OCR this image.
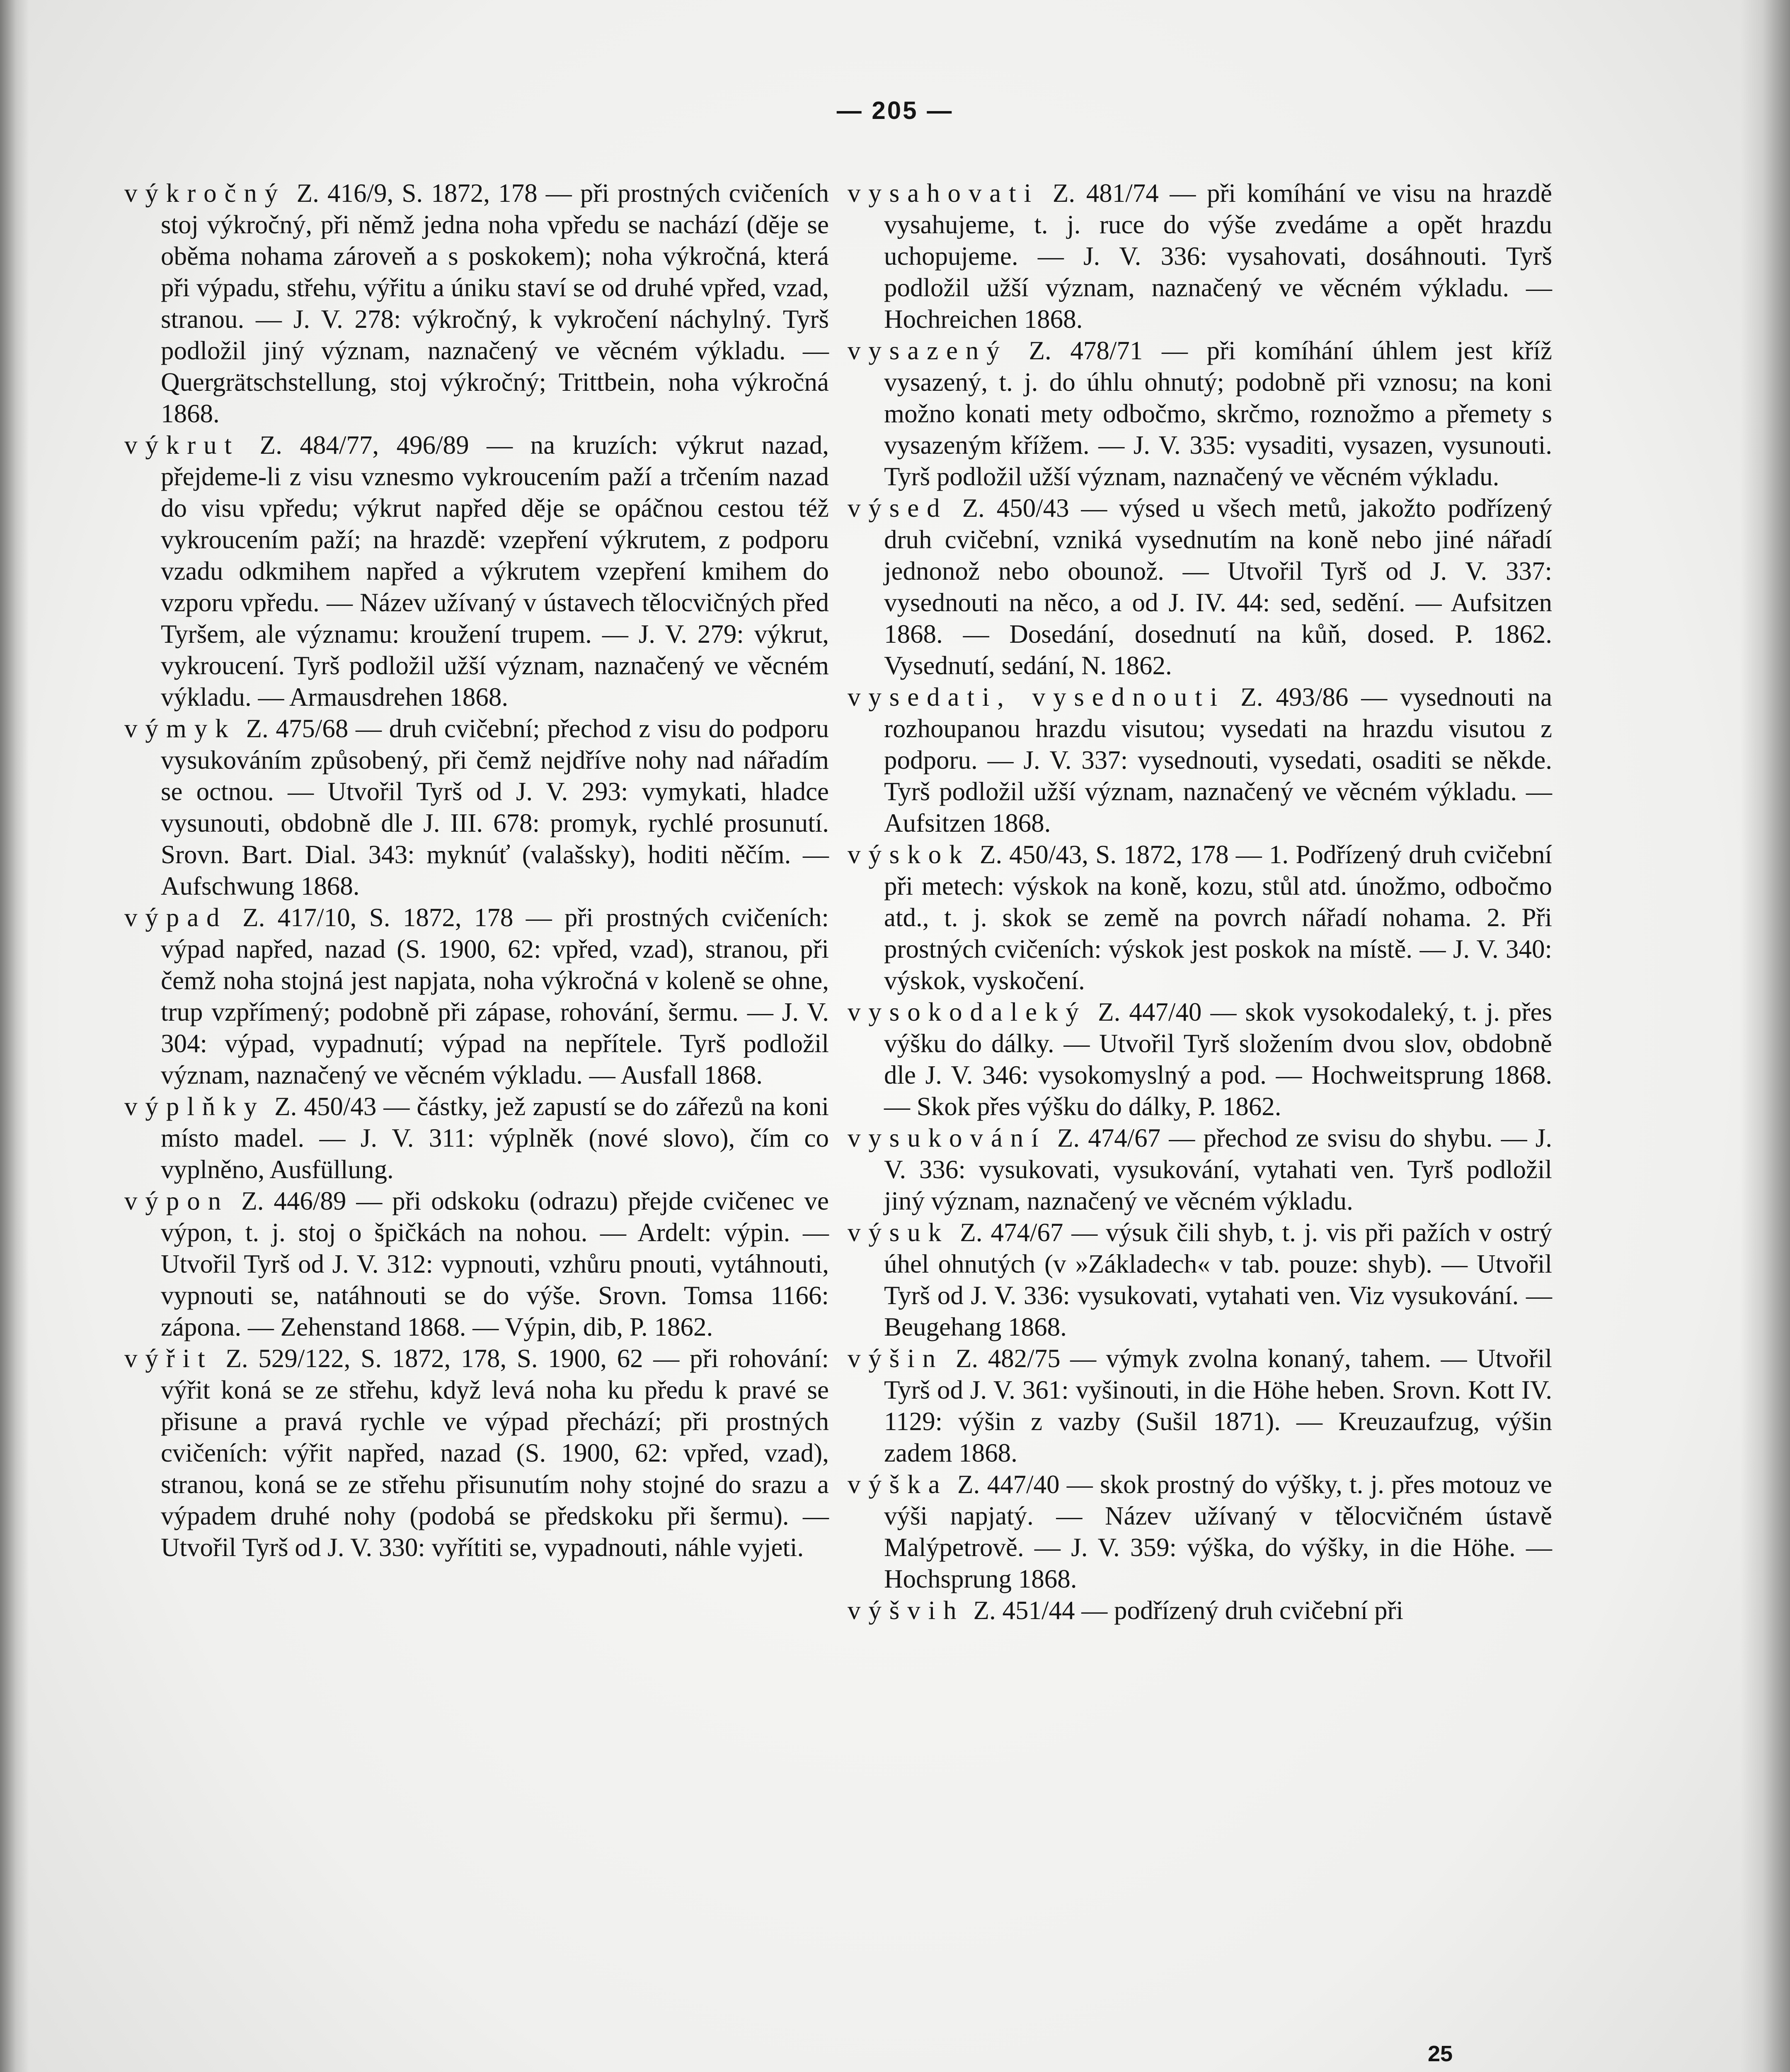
— 205 —

výkročný Z. 416/9, S. 1872, 178 — při prostných cvičeních stoj výkročný, při němž jedna noha vpředu se nachází (děje se oběma nohama zároveň a s poskokem); noha výkročná, která při výpadu, střehu, výřitu a úniku staví se od druhé vpřed, vzad, stranou. — J. V. 278: výkročný, k vykročení náchylný. Tyrš podložil jiný význam, naznačený ve věcném výkladu. — Quergrätschstellung, stoj výkročný; Trittbein, noha výkročná 1868.

výkrut Z. 484/77, 496/89 — na kruzích: výkrut nazad, přejdeme-li z visu vznesmo vykroucením paží a trčením nazad do visu vpředu; výkrut napřed děje se opáčnou cestou též vykroucením paží; na hrazdě: vzepření výkrutem, z podporu vzadu odkmihem napřed a výkrutem vzepření kmihem do vzporu vpředu. — Název užívaný v ústavech tělocvičných před Tyršem, ale významu: kroužení trupem. — J. V. 279: výkrut, vykroucení. Tyrš podložil užší význam, naznačený ve věcném výkladu. — Armausdrehen 1868.

výmyk Z. 475/68 — druh cvičební; přechod z visu do podporu vysukováním způsobený, při čemž nejdříve nohy nad nářadím se octnou. — Utvořil Tyrš od J. V. 293: vymykati, hladce vysunouti, obdobně dle J. III. 678: promyk, rychlé prosunutí. Srovn. Bart. Dial. 343: myknúť (valašsky), hoditi něčím. — Aufschwung 1868.

výpad Z. 417/10, S. 1872, 178 — při prostných cvičeních: výpad napřed, nazad (S. 1900, 62: vpřed, vzad), stranou, při čemž noha stojná jest napjata, noha výkročná v koleně se ohne, trup vzpřímený; podobně při zápase, rohování, šermu. — J. V. 304: výpad, vypadnutí; výpad na nepřítele. Tyrš podložil význam, naznačený ve věcném výkladu. — Ausfall 1868.

výplňky Z. 450/43 — částky, jež zapustí se do zářezů na koni místo madel. — J. V. 311: výplněk (nové slovo), čím co vyplněno, Ausfüllung.

výpon Z. 446/89 — při odskoku (odrazu) přejde cvičenec ve výpon, t. j. stoj o špičkách na nohou. — Ardelt: výpin. — Utvořil Tyrš od J. V. 312: vypnouti, vzhůru pnouti, vytáhnouti, vypnouti se, natáhnouti se do výše. Srovn. Tomsa 1166: zápona. — Zehenstand 1868. — Výpin, dib, P. 1862.

výřit Z. 529/122, S. 1872, 178, S. 1900, 62 — při rohování: výřit koná se ze střehu, když levá noha ku předu k pravé se přisune a pravá rychle ve výpad přechází; při prostných cvičeních: výřit napřed, nazad (S. 1900, 62: vpřed, vzad), stranou, koná se ze střehu přisunutím nohy stojné do srazu a výpadem druhé nohy (podobá se předskoku při šermu). — Utvořil Tyrš od J. V. 330: vyřítiti se, vypadnouti, náhle vyjeti.

vysahovati Z. 481/74 — při komíhání ve visu na hrazdě vysahujeme, t. j. ruce do výše zvedáme a opět hrazdu uchopujeme. — J. V. 336: vysahovati, dosáhnouti. Tyrš podložil užší význam, naznačený ve věcném výkladu. — Hochreichen 1868.

vysazený Z. 478/71 — při komíhání úhlem jest kříž vysazený, t. j. do úhlu ohnutý; podobně při vznosu; na koni možno konati mety odbočmo, skrčmo, roznožmo a přemety s vysazeným křížem. — J. V. 335: vysaditi, vysazen, vysunouti. Tyrš podložil užší význam, naznačený ve věcném výkladu.

výsed Z. 450/43 — výsed u všech metů, jakožto podřízený druh cvičební, vzniká vysednutím na koně nebo jiné nářadí jednonož nebo obounož. — Utvořil Tyrš od J. V. 337: vysednouti na něco, a od J. IV. 44: sed, sedění. — Aufsitzen 1868. — Dosedání, dosednutí na kůň, dosed. P. 1862. Vysednutí, sedání, N. 1862.

vysedati, vysednouti Z. 493/86 — vysednouti na rozhoupanou hrazdu visutou; vysedati na hrazdu visutou z podporu. — J. V. 337: vysednouti, vysedati, osaditi se někde. Tyrš podložil užší význam, naznačený ve věcném výkladu. — Aufsitzen 1868.

výskok Z. 450/43, S. 1872, 178 — 1. Podřízený druh cvičební při metech: výskok na koně, kozu, stůl atd. únožmo, odbočmo atd., t. j. skok se země na povrch nářadí nohama. 2. Při prostných cvičeních: výskok jest poskok na místě. — J. V. 340: výskok, vyskočení.

vysokodaleký Z. 447/40 — skok vysokodaleký, t. j. přes výšku do dálky. — Utvořil Tyrš složením dvou slov, obdobně dle J. V. 346: vysokomyslný a pod. — Hochweitsprung 1868. — Skok přes výšku do dálky, P. 1862.

vysukování Z. 474/67 — přechod ze svisu do shybu. — J. V. 336: vysukovati, vysukování, vytahati ven. Tyrš podložil jiný význam, naznačený ve věcném výkladu.

výsuk Z. 474/67 — výsuk čili shyb, t. j. vis při pažích v ostrý úhel ohnutých (v »Základech« v tab. pouze: shyb). — Utvořil Tyrš od J. V. 336: vysukovati, vytahati ven. Viz vysukování. — Beugehang 1868.

výšin Z. 482/75 — výmyk zvolna konaný, tahem. — Utvořil Tyrš od J. V. 361: vyšinouti, in die Höhe heben. Srovn. Kott IV. 1129: výšin z vazby (Sušil 1871). — Kreuzaufzug, výšin zadem 1868.

výška Z. 447/40 — skok prostný do výšky, t. j. přes motouz ve výši napjatý. — Název užívaný v tělocvičném ústavě Malýpetrově. — J. V. 359: výška, do výšky, in die Höhe. — Hochsprung 1868.

výšvih Z. 451/44 — podřízený druh cvičební při

25
